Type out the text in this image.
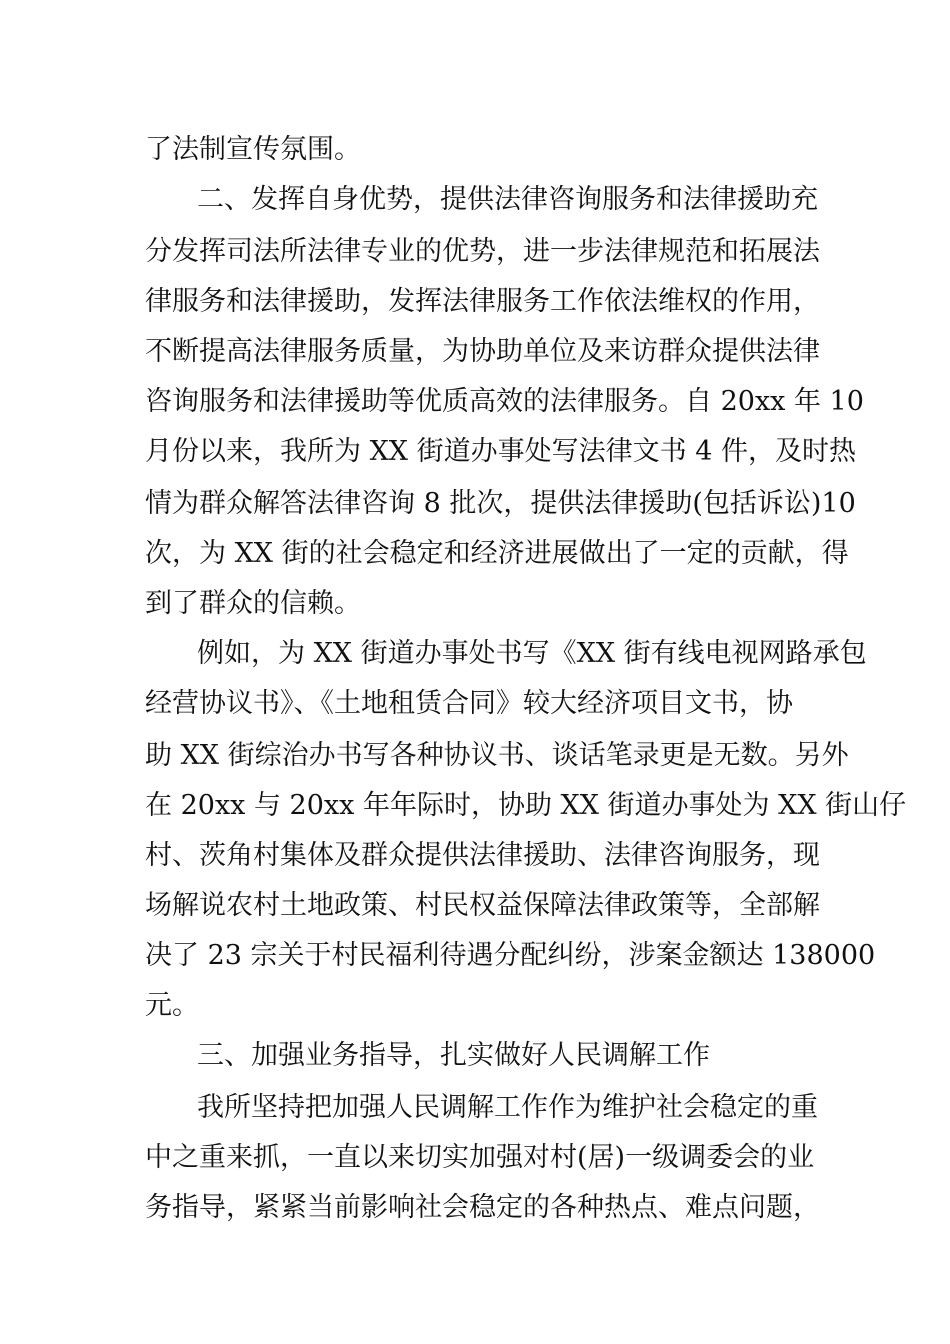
了法制宣传氛围。
二、发挥自身优势，提供法律咨询服务和法律援助充
分发挥司法所法律专业的优势，进一步法律规范和拓展法
律服务和法律援助，发挥法律服务工作依法维权的作用，
不断提高法律服务质量，为协助单位及来访群众提供法律
咨询服务和法律援助等优质高效的法律服务。自 20xx 年 10
月份以来，我所为 XX 街道办事处写法律文书 4 件，及时热
情为群众解答法律咨询 8 批次，提供法律援助(包括诉讼)10
次，为 XX 街的社会稳定和经济进展做出了一定的贡献，得
到了群众的信赖。
例如，为 XX 街道办事处书写《XX 街有线电视网路承包
经营协议书》、《土地租赁合同》较大经济项目文书，协
助 XX 街综治办书写各种协议书、谈话笔录更是无数。另外
在 20xx 与 20xx 年年际时，协助 XX 街道办事处为 XX 街山仔
村、茨角村集体及群众提供法律援助、法律咨询服务，现
场解说农村土地政策、村民权益保障法律政策等，全部解
决了 23 宗关于村民福利待遇分配纠纷，涉案金额达 138000
元。
三、加强业务指导，扎实做好人民调解工作
我所坚持把加强人民调解工作作为维护社会稳定的重
中之重来抓，一直以来切实加强对村(居)一级调委会的业
务指导，紧紧当前影响社会稳定的各种热点、难点问题，
